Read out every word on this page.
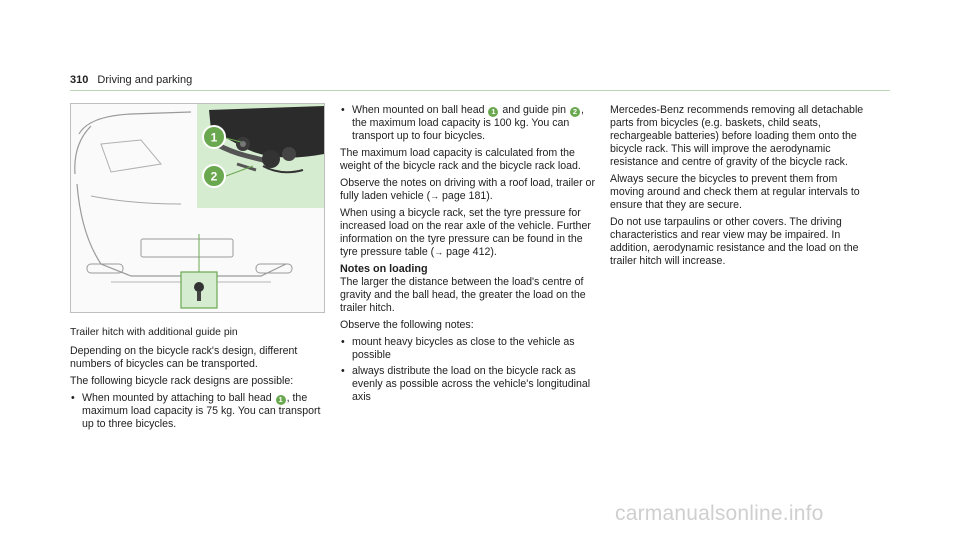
310 Driving and parking
1
2

Trailer hitch with additional guide pin

Depending on the bicycle rack's design, different numbers of bicycles can be transported.

The following bicycle rack designs are possible:

• When mounted by attaching to ball head 1 , the maximum load capacity is 75 kg. You can transport up to three bicycles.
• When mounted on ball head 1 and guide pin 2 , the maximum load capacity is 100 kg. You can transport up to four bicycles.

The maximum load capacity is calculated from the weight of the bicycle rack and the bicycle rack load.

Observe the notes on driving with a roof load, trailer or fully laden vehicle (→ page 181).

When using a bicycle rack, set the tyre pressure for increased load on the rear axle of the vehicle. Further information on the tyre pressure can be found in the tyre pressure table (→ page 412).

Notes on loading

The larger the distance between the load's centre of gravity and the ball head, the greater the load on the trailer hitch.

Observe the following notes:

• mount heavy bicycles as close to the vehicle as possible
• always distribute the load on the bicycle rack as evenly as possible across the vehicle's longitudinal axis

Mercedes-Benz recommends removing all detachable parts from bicycles (e.g. baskets, child seats, rechargeable batteries) before loading them onto the bicycle rack. This will improve the aerodynamic resistance and centre of gravity of the bicycle rack.

Always secure the bicycles to prevent them from moving around and check them at regular intervals to ensure that they are secure.

Do not use tarpaulins or other covers. The driving characteristics and rear view may be impaired. In addition, aerodynamic resistance and the load on the trailer hitch will increase.

carmanualsonline.info
